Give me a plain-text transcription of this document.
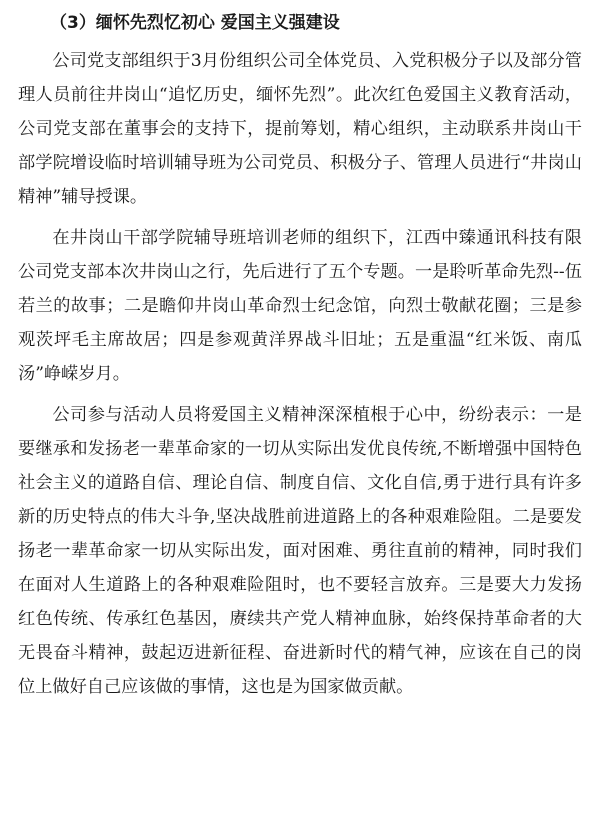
（3）缅怀先烈忆初心 爱国主义强建设

公司党支部组织于3月份组织公司全体党员、入党积极分子以及部分管理人员前往井岗山“追忆历史，缅怀先烈”。此次红色爱国主义教育活动，公司党支部在董事会的支持下，提前筹划，精心组织，主动联系井岗山干部学院增设临时培训辅导班为公司党员、积极分子、管理人员进行“井岗山精神”辅导授课。

在井岗山干部学院辅导班培训老师的组织下，江西中臻通讯科技有限公司党支部本次井岗山之行，先后进行了五个专题。一是聆听革命先烈--伍若兰的故事；二是瞻仰井岗山革命烈士纪念馆，向烈士敬献花圈；三是参观茨坪毛主席故居；四是参观黄洋界战斗旧址；五是重温“红米饭、南瓜汤”峥嵘岁月。

公司参与活动人员将爱国主义精神深深植根于心中，纷纷表示：一是要继承和发扬老一辈革命家的一切从实际出发优良传统,不断增强中国特色社会主义的道路自信、理论自信、制度自信、文化自信,勇于进行具有许多新的历史特点的伟大斗争,坚决战胜前进道路上的各种艰难险阻。二是要发扬老一辈革命家一切从实际出发，面对困难、勇往直前的精神，同时我们在面对人生道路上的各种艰难险阻时，也不要轻言放弃。三是要大力发扬红色传统、传承红色基因，赓续共产党人精神血脉，始终保持革命者的大无畏奋斗精神，鼓起迈进新征程、奋进新时代的精气神，应该在自己的岗位上做好自己应该做的事情，这也是为国家做贡献。
